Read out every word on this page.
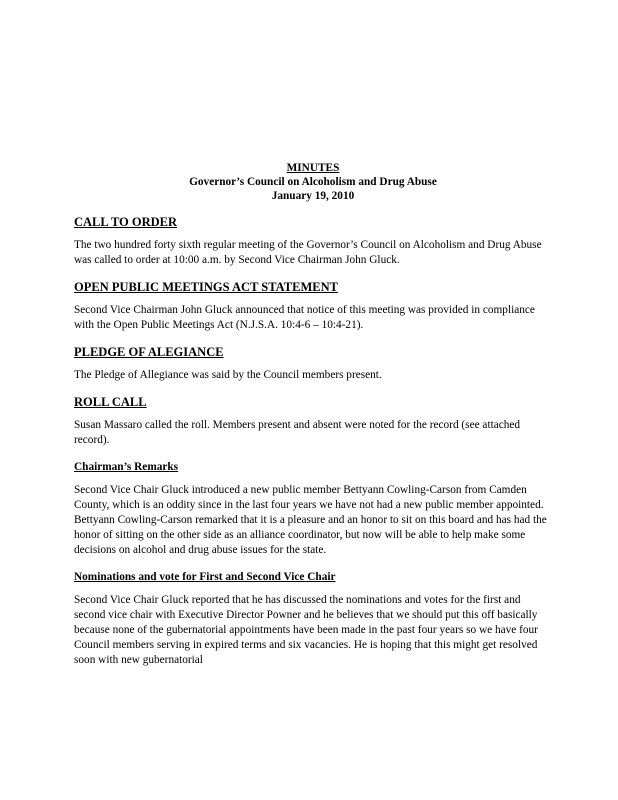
MINUTES
Governor’s Council on Alcoholism and Drug Abuse
January 19, 2010
CALL TO ORDER

The two hundred forty sixth regular meeting of the Governor’s Council on Alcoholism and Drug Abuse was called to order at 10:00 a.m. by Second Vice Chairman John Gluck.

OPEN PUBLIC MEETINGS ACT STATEMENT

Second Vice Chairman John Gluck announced that notice of this meeting was provided in compliance with the Open Public Meetings Act (N.J.S.A. 10:4-6 – 10:4-21).

PLEDGE OF ALEGIANCE

The Pledge of Allegiance was said by the Council members present.

ROLL CALL

Susan Massaro called the roll. Members present and absent were noted for the record (see attached record).

Chairman’s Remarks

Second Vice Chair Gluck introduced a new public member Bettyann Cowling-Carson from Camden County, which is an oddity since in the last four years we have not had a new public member appointed. Bettyann Cowling-Carson remarked that it is a pleasure and an honor to sit on this board and has had the honor of sitting on the other side as an alliance coordinator, but now will be able to help make some decisions on alcohol and drug abuse issues for the state.

Nominations and vote for First and Second Vice Chair

Second Vice Chair Gluck reported that he has discussed the nominations and votes for the first and second vice chair with Executive Director Powner and he believes that we should put this off basically because none of the gubernatorial appointments have been made in the past four years so we have four Council members serving in expired terms and six vacancies. He is hoping that this might get resolved soon with new gubernatorial
